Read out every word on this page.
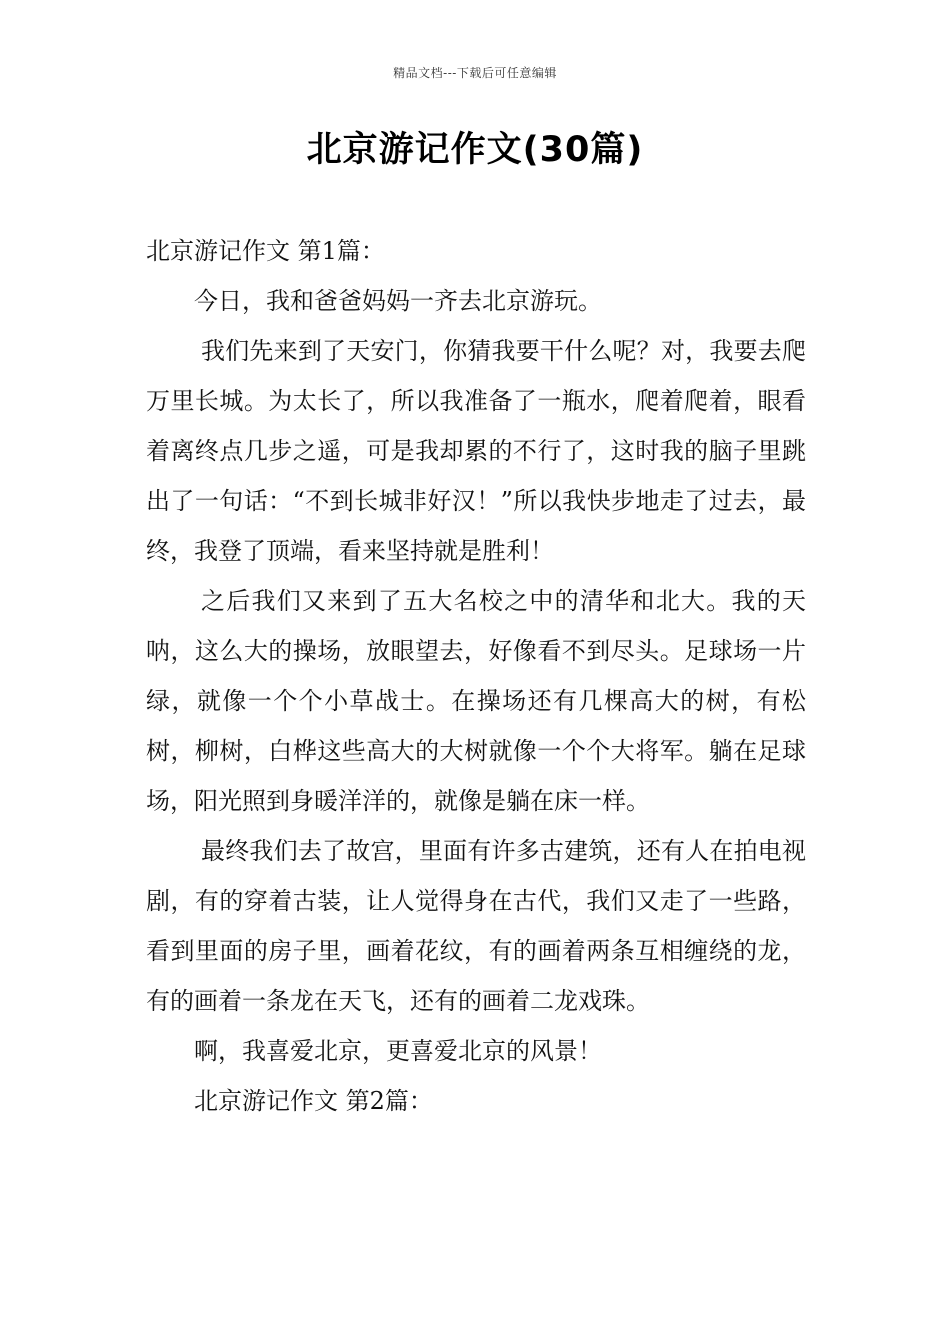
精品文档---下载后可任意编辑
北京游记作文(30篇)

北京游记作文 第1篇：

今日，我和爸爸妈妈一齐去北京游玩。

我们先来到了天安门，你猜我要干什么呢？对，我要去爬万里长城。为太长了，所以我准备了一瓶水，爬着爬着，眼看着离终点几步之遥，可是我却累的不行了，这时我的脑子里跳出了一句话：“不到长城非好汉！”所以我快步地走了过去，最终，我登了顶端，看来坚持就是胜利！

之后我们又来到了五大名校之中的清华和北大。我的天呐，这么大的操场，放眼望去，好像看不到尽头。足球场一片绿，就像一个个小草战士。在操场还有几棵高大的树，有松树，柳树，白桦这些高大的大树就像一个个大将军。躺在足球场，阳光照到身暖洋洋的，就像是躺在床一样。

最终我们去了故宫，里面有许多古建筑，还有人在拍电视剧，有的穿着古装，让人觉得身在古代，我们又走了一些路，看到里面的房子里，画着花纹，有的画着两条互相缠绕的龙，有的画着一条龙在天飞，还有的画着二龙戏珠。

啊，我喜爱北京，更喜爱北京的风景！

北京游记作文 第2篇：
